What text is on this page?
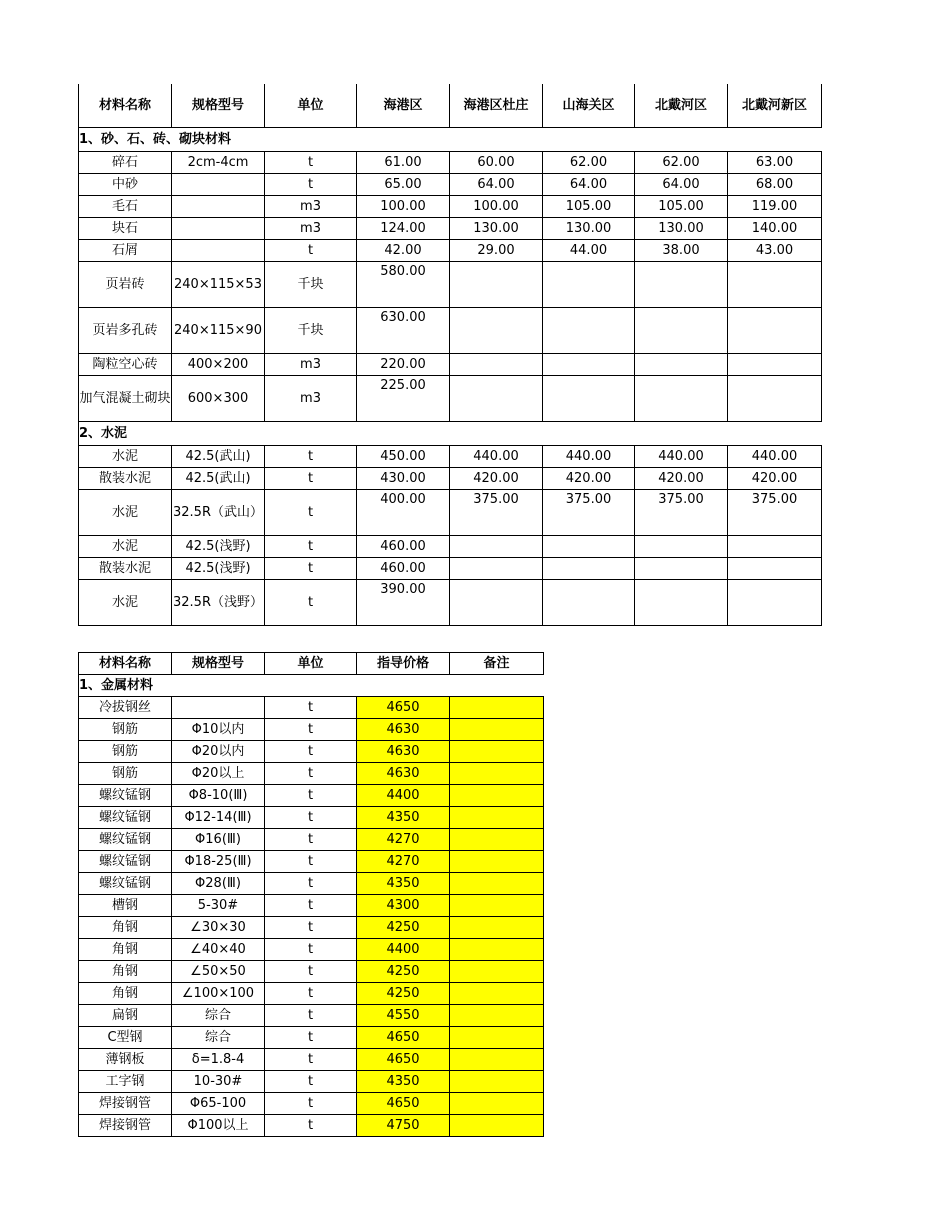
材料名称	规格型号	单位	海港区	海港区杜庄	山海关区	北戴河区	北戴河新区
1、砂、石、砖、砌块材料							
碎石	2cm-4cm	t	61.00	60.00	62.00	62.00	63.00
中砂		t	65.00	64.00	64.00	64.00	68.00
毛石		m3	100.00	100.00	105.00	105.00	119.00
块石		m3	124.00	130.00	130.00	130.00	140.00
石屑		t	42.00	29.00	44.00	38.00	43.00
页岩砖	240×115×53	千块	580.00				
页岩多孔砖	240×115×90	千块	630.00				
陶粒空心砖	400×200	m3	220.00				
加气混凝土砌块	600×300	m3	225.00				
2、水泥							
水泥	42.5(武山)	t	450.00	440.00	440.00	440.00	440.00
散装水泥	42.5(武山)	t	430.00	420.00	420.00	420.00	420.00
水泥	32.5R（武山）	t	400.00	375.00	375.00	375.00	375.00
水泥	42.5(浅野)	t	460.00				
散装水泥	42.5(浅野)	t	460.00				
水泥	32.5R（浅野）	t	390.00				
材料名称	规格型号	单位	指导价格	备注
1、金属材料				
冷拔钢丝		t	4650	
钢筋	Φ10以内	t	4630	
钢筋	Φ20以内	t	4630	
钢筋	Φ20以上	t	4630	
螺纹锰钢	Φ8-10(Ⅲ)	t	4400	
螺纹锰钢	Φ12-14(Ⅲ)	t	4350	
螺纹锰钢	Φ16(Ⅲ)	t	4270	
螺纹锰钢	Φ18-25(Ⅲ)	t	4270	
螺纹锰钢	Φ28(Ⅲ)	t	4350	
槽钢	5-30#	t	4300	
角钢	∠30×30	t	4250	
角钢	∠40×40	t	4400	
角钢	∠50×50	t	4250	
角钢	∠100×100	t	4250	
扁钢	综合	t	4550	
C型钢	综合	t	4650	
薄钢板	δ=1.8-4	t	4650	
工字钢	10-30#	t	4350	
焊接钢管	Φ65-100	t	4650	
焊接钢管	Φ100以上	t	4750	
